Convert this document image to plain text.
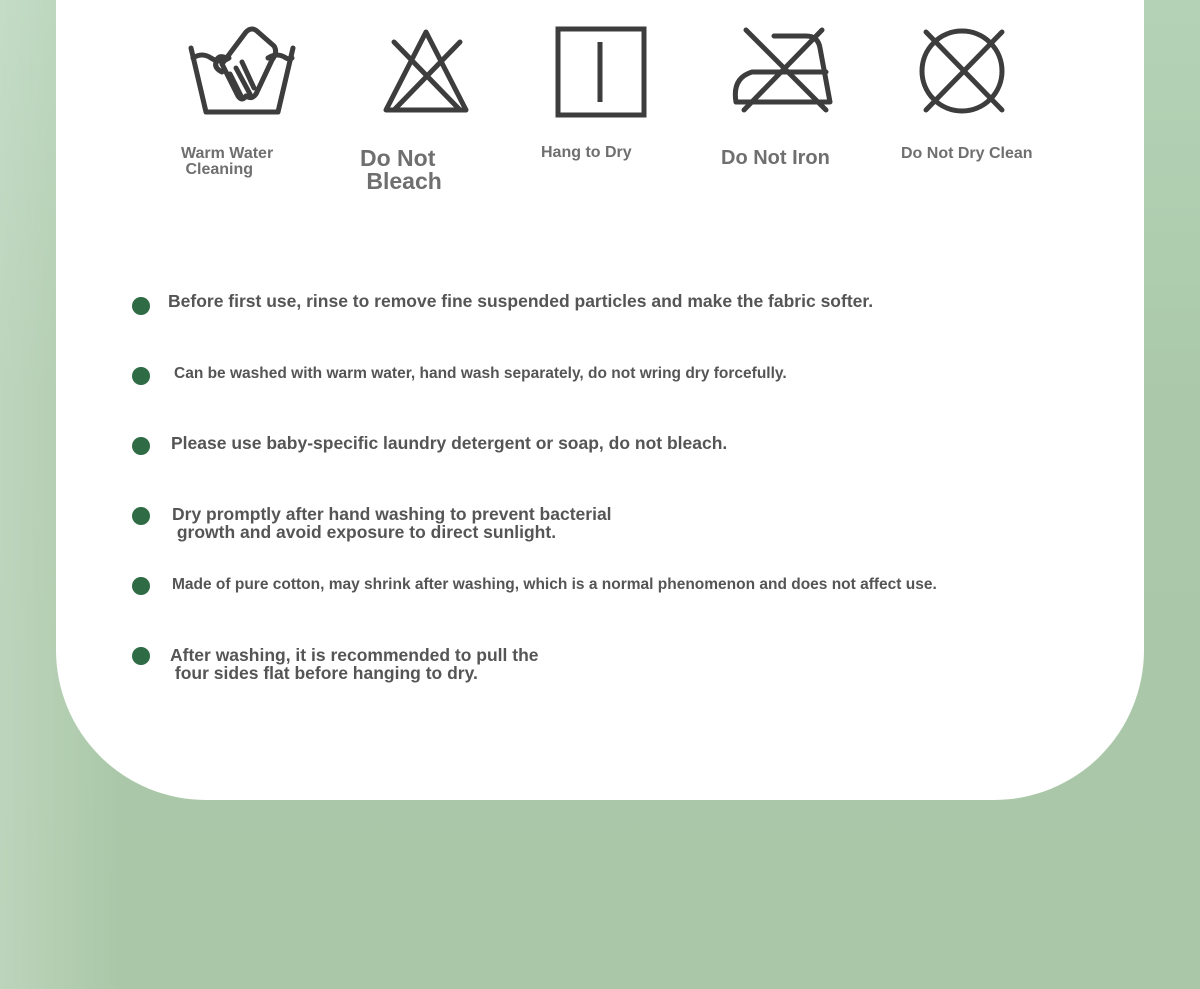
Warm Water
Cleaning	Do Not
Bleach
Hang to Dry	Do Not Iron	Do Not Dry Clean
Before first use, rinse to remove fine suspended particles and make the fabric softer.
Can be washed with warm water, hand wash separately, do not wring dry forcefully.
Please use baby-specific laundry detergent or soap, do not bleach.
Dry promptly after hand washing to prevent bacterial
growth and avoid exposure to direct sunlight.
Made of pure cotton, may shrink after washing, which is a normal phenomenon and does not affect use.
After washing, it is recommended to pull the
four sides flat before hanging to dry.
